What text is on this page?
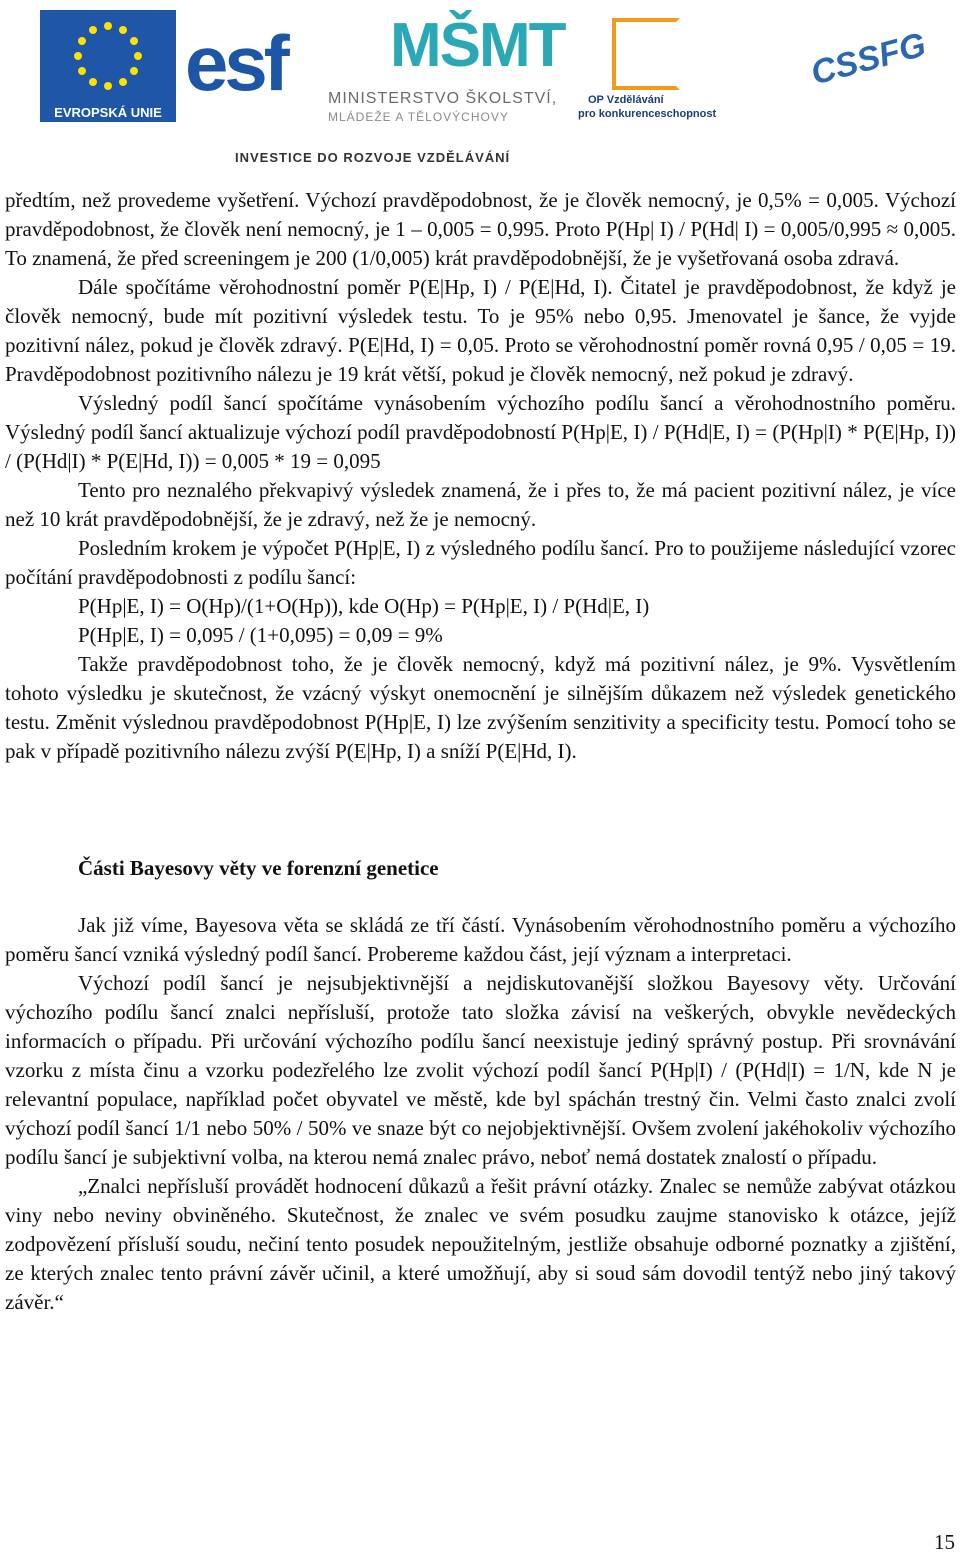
EVROPSKÁ UNIE
esf MŠMT
MINISTERSTVO ŠKOLSTVÍ,
MLÁDEŽE A TĚLOVÝCHOVY
OP Vzdělávání
pro konkurenceschopnost
CSSFG
INVESTICE DO ROZVOJE VZDĚLÁVÁNÍ

předtím, než provedeme vyšetření. Výchozí pravděpodobnost, že je člověk nemocný, je 0,5% = 0,005. Výchozí pravděpodobnost, že člověk není nemocný, je 1 – 0,005 = 0,995. Proto P(Hp| I) / P(Hd| I) = 0,005/0,995 ≈ 0,005. To znamená, že před screeningem je 200 (1/0,005) krát pravděpodobnější, že je vyšetřovaná osoba zdravá.

Dále spočítáme věrohodnostní poměr P(E|Hp, I) / P(E|Hd, I). Čitatel je pravděpodobnost, že když je člověk nemocný, bude mít pozitivní výsledek testu. To je 95% nebo 0,95. Jmenovatel je šance, že vyjde pozitivní nález, pokud je člověk zdravý. P(E|Hd, I) = 0,05. Proto se věrohodnostní poměr rovná 0,95 / 0,05 = 19. Pravděpodobnost pozitivního nálezu je 19 krát větší, pokud je člověk nemocný, než pokud je zdravý.

Výsledný podíl šancí spočítáme vynásobením výchozího podílu šancí a věrohodnostního poměru. Výsledný podíl šancí aktualizuje výchozí podíl pravděpodobností P(Hp|E, I) / P(Hd|E, I) = (P(Hp|I) * P(E|Hp, I)) / (P(Hd|I) * P(E|Hd, I)) = 0,005 * 19 = 0,095

Tento pro neznalého překvapivý výsledek znamená, že i přes to, že má pacient pozitivní nález, je více než 10 krát pravděpodobnější, že je zdravý, než že je nemocný.

Posledním krokem je výpočet P(Hp|E, I) z výsledného podílu šancí. Pro to použijeme následující vzorec počítání pravděpodobnosti z podílu šancí:

P(Hp|E, I) = O(Hp)/(1+O(Hp)), kde O(Hp) = P(Hp|E, I) / P(Hd|E, I)

P(Hp|E, I) = 0,095 / (1+0,095) = 0,09 = 9%

Takže pravděpodobnost toho, že je člověk nemocný, když má pozitivní nález, je 9%. Vysvětlením tohoto výsledku je skutečnost, že vzácný výskyt onemocnění je silnějším důkazem než výsledek genetického testu. Změnit výslednou pravděpodobnost P(Hp|E, I) lze zvýšením senzitivity a specificity testu. Pomocí toho se pak v případě pozitivního nálezu zvýší P(E|Hp, I) a sníží P(E|Hd, I).

Části Bayesovy věty ve forenzní genetice

Jak již víme, Bayesova věta se skládá ze tří částí. Vynásobením věrohodnostního poměru a výchozího poměru šancí vzniká výsledný podíl šancí. Probereme každou část, její význam a interpretaci.

Výchozí podíl šancí je nejsubjektivnější a nejdiskutovanější složkou Bayesovy věty. Určování výchozího podílu šancí znalci nepřísluší, protože tato složka závisí na veškerých, obvykle nevědeckých informacích o případu. Při určování výchozího podílu šancí neexistuje jediný správný postup. Při srovnávání vzorku z místa činu a vzorku podezřelého lze zvolit výchozí podíl šancí P(Hp|I) / (P(Hd|I) = 1/N, kde N je relevantní populace, například počet obyvatel ve městě, kde byl spáchán trestný čin. Velmi často znalci zvolí výchozí podíl šancí 1/1 nebo 50% / 50% ve snaze být co nejobjektivnější. Ovšem zvolení jakéhokoliv výchozího podílu šancí je subjektivní volba, na kterou nemá znalec právo, neboť nemá dostatek znalostí o případu.

„Znalci nepřísluší provádět hodnocení důkazů a řešit právní otázky. Znalec se nemůže zabývat otázkou viny nebo neviny obviněného. Skutečnost, že znalec ve svém posudku zaujme stanovisko k otázce, jejíž zodpovězení přísluší soudu, nečiní tento posudek nepoužitelným, jestliže obsahuje odborné poznatky a zjištění, ze kterých znalec tento právní závěr učinil, a které umožňují, aby si soud sám dovodil tentýž nebo jiný takový závěr.“

15
